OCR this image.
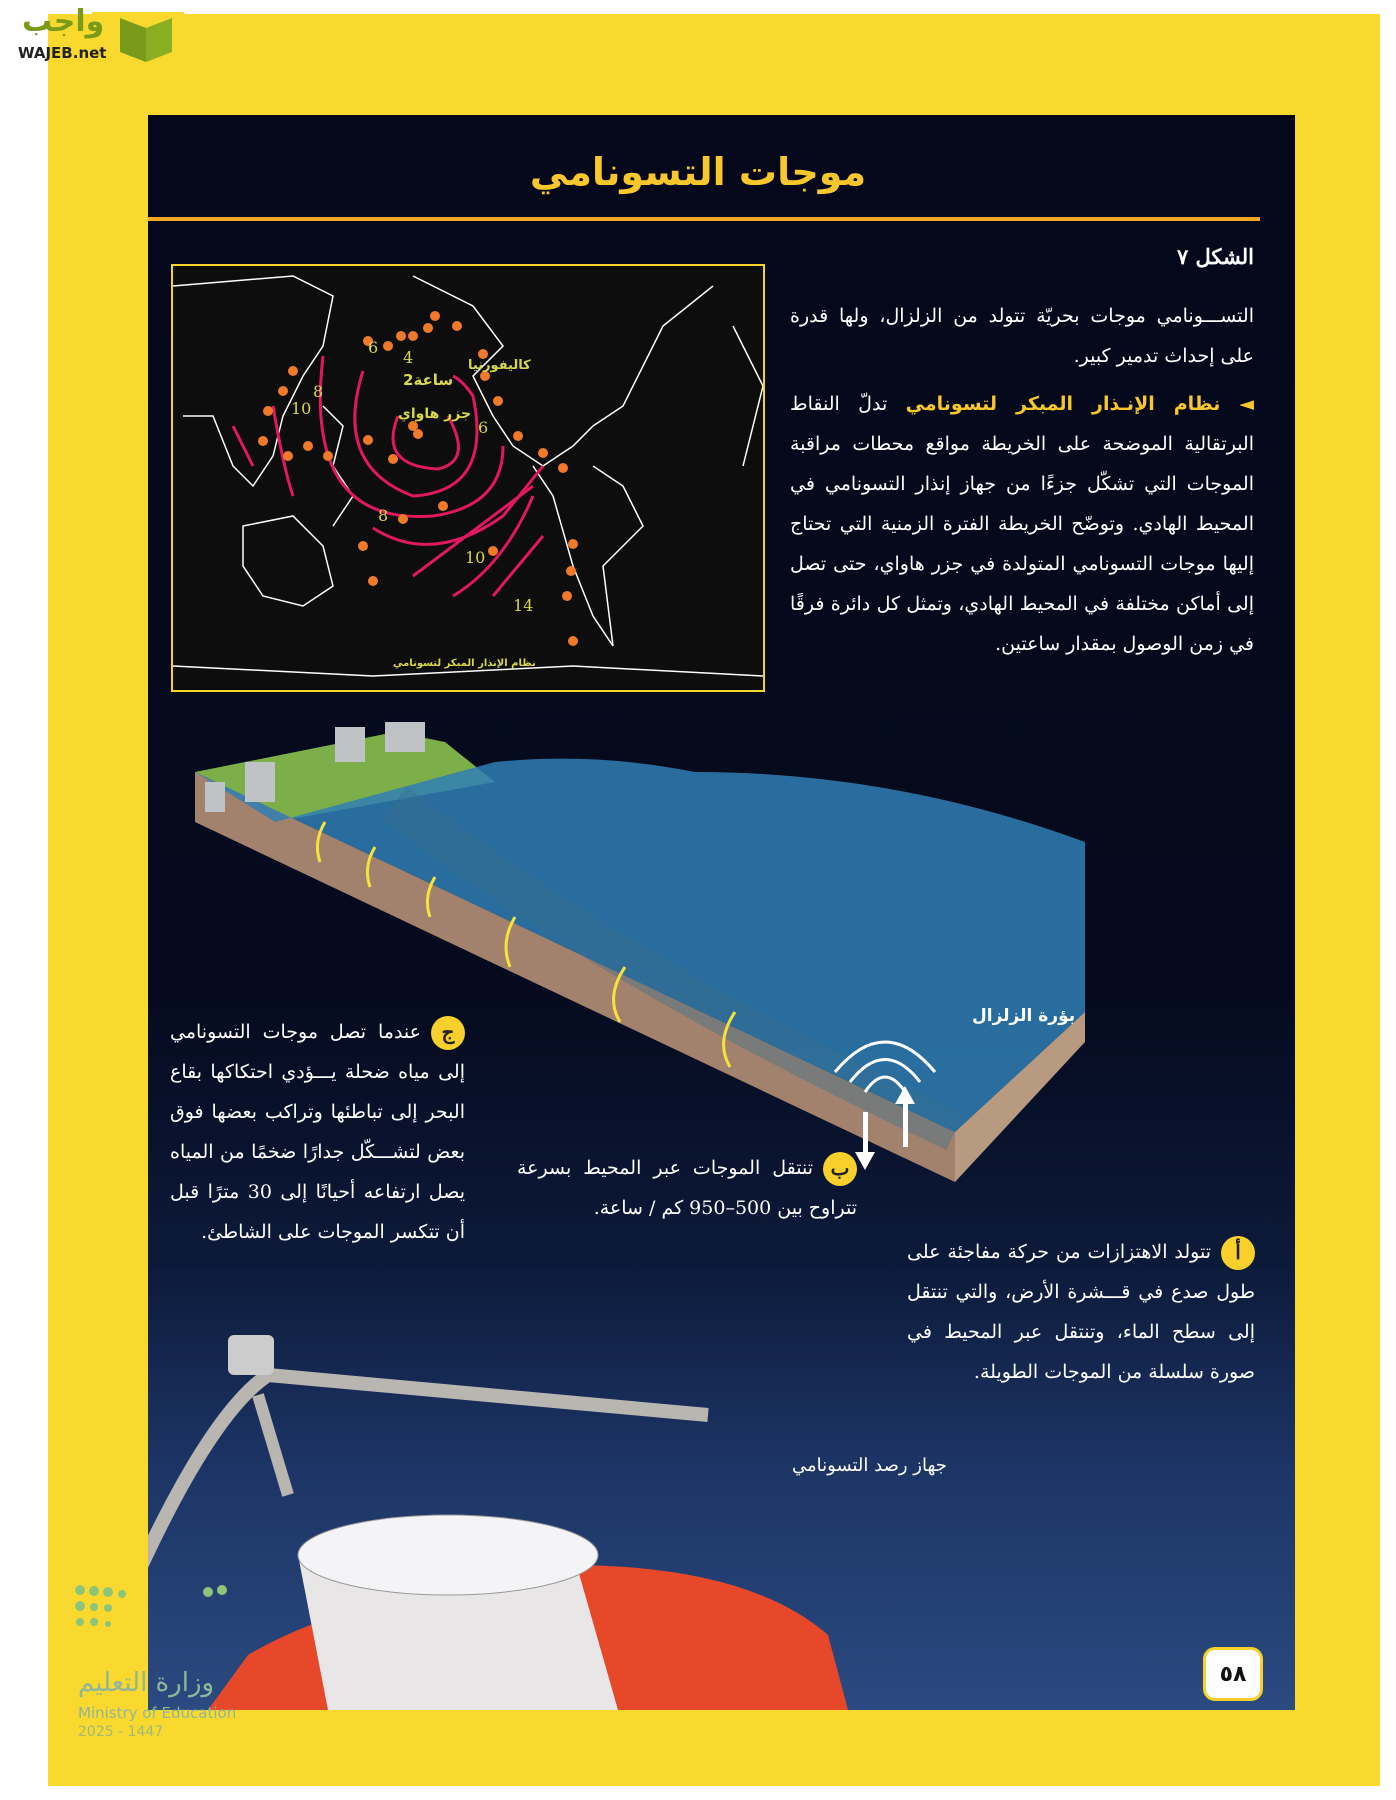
واجب
WAJEB.net
موجات التسونامي
الشكل ٧
التســـونامي موجات بحريّة تتولد من الزلزال، ولها قدرة على إحداث تدمير كبير.
◄ نظام الإنـذار المبكر لتسونامي تدلّ النقاط البرتقالية الموضحة على الخريطة مواقع محطات مراقبة الموجات التي تشكّل جزءًا من جهاز إنذار التسونامي في المحيط الهادي. وتوضّح الخريطة الفترة الزمنية التي تحتاج إليها موجات التسونامي المتولدة في جزر هاواي، حتى تصل إلى أماكن مختلفة في المحيط الهادي، وتمثل كل دائرة فرقًا في زمن الوصول بمقدار ساعتين.
2ساعة
جزر هاواي
كاليفورنيا
4
6
6
8
8
10
10
14
نظام الإنذار المبكر لتسونامي
بؤرة الزلزال
جعندما تصل موجات التسونامي إلى مياه ضحلة يـــؤدي احتكاكها بقاع البحر إلى تباطئها وتراكب بعضها فوق بعض لتشـــكّل جدارًا ضخمًا من المياه يصل ارتفاعه أحيانًا إلى 30 مترًا قبل أن تتكسر الموجات على الشاطئ.
بتنتقل الموجات عبر المحيط بسرعة تتراوح بين 500–950 كم / ساعة.
أتتولد الاهتزازات من حركة مفاجئة على طول صدع في قـــشرة الأرض، والتي تنتقل إلى سطح الماء، وتنتقل عبر المحيط في صورة سلسلة من الموجات الطويلة.
جهاز رصد التسونامي
٥٨
وزارة التعليم
Ministry of Education
2025 - 1447
